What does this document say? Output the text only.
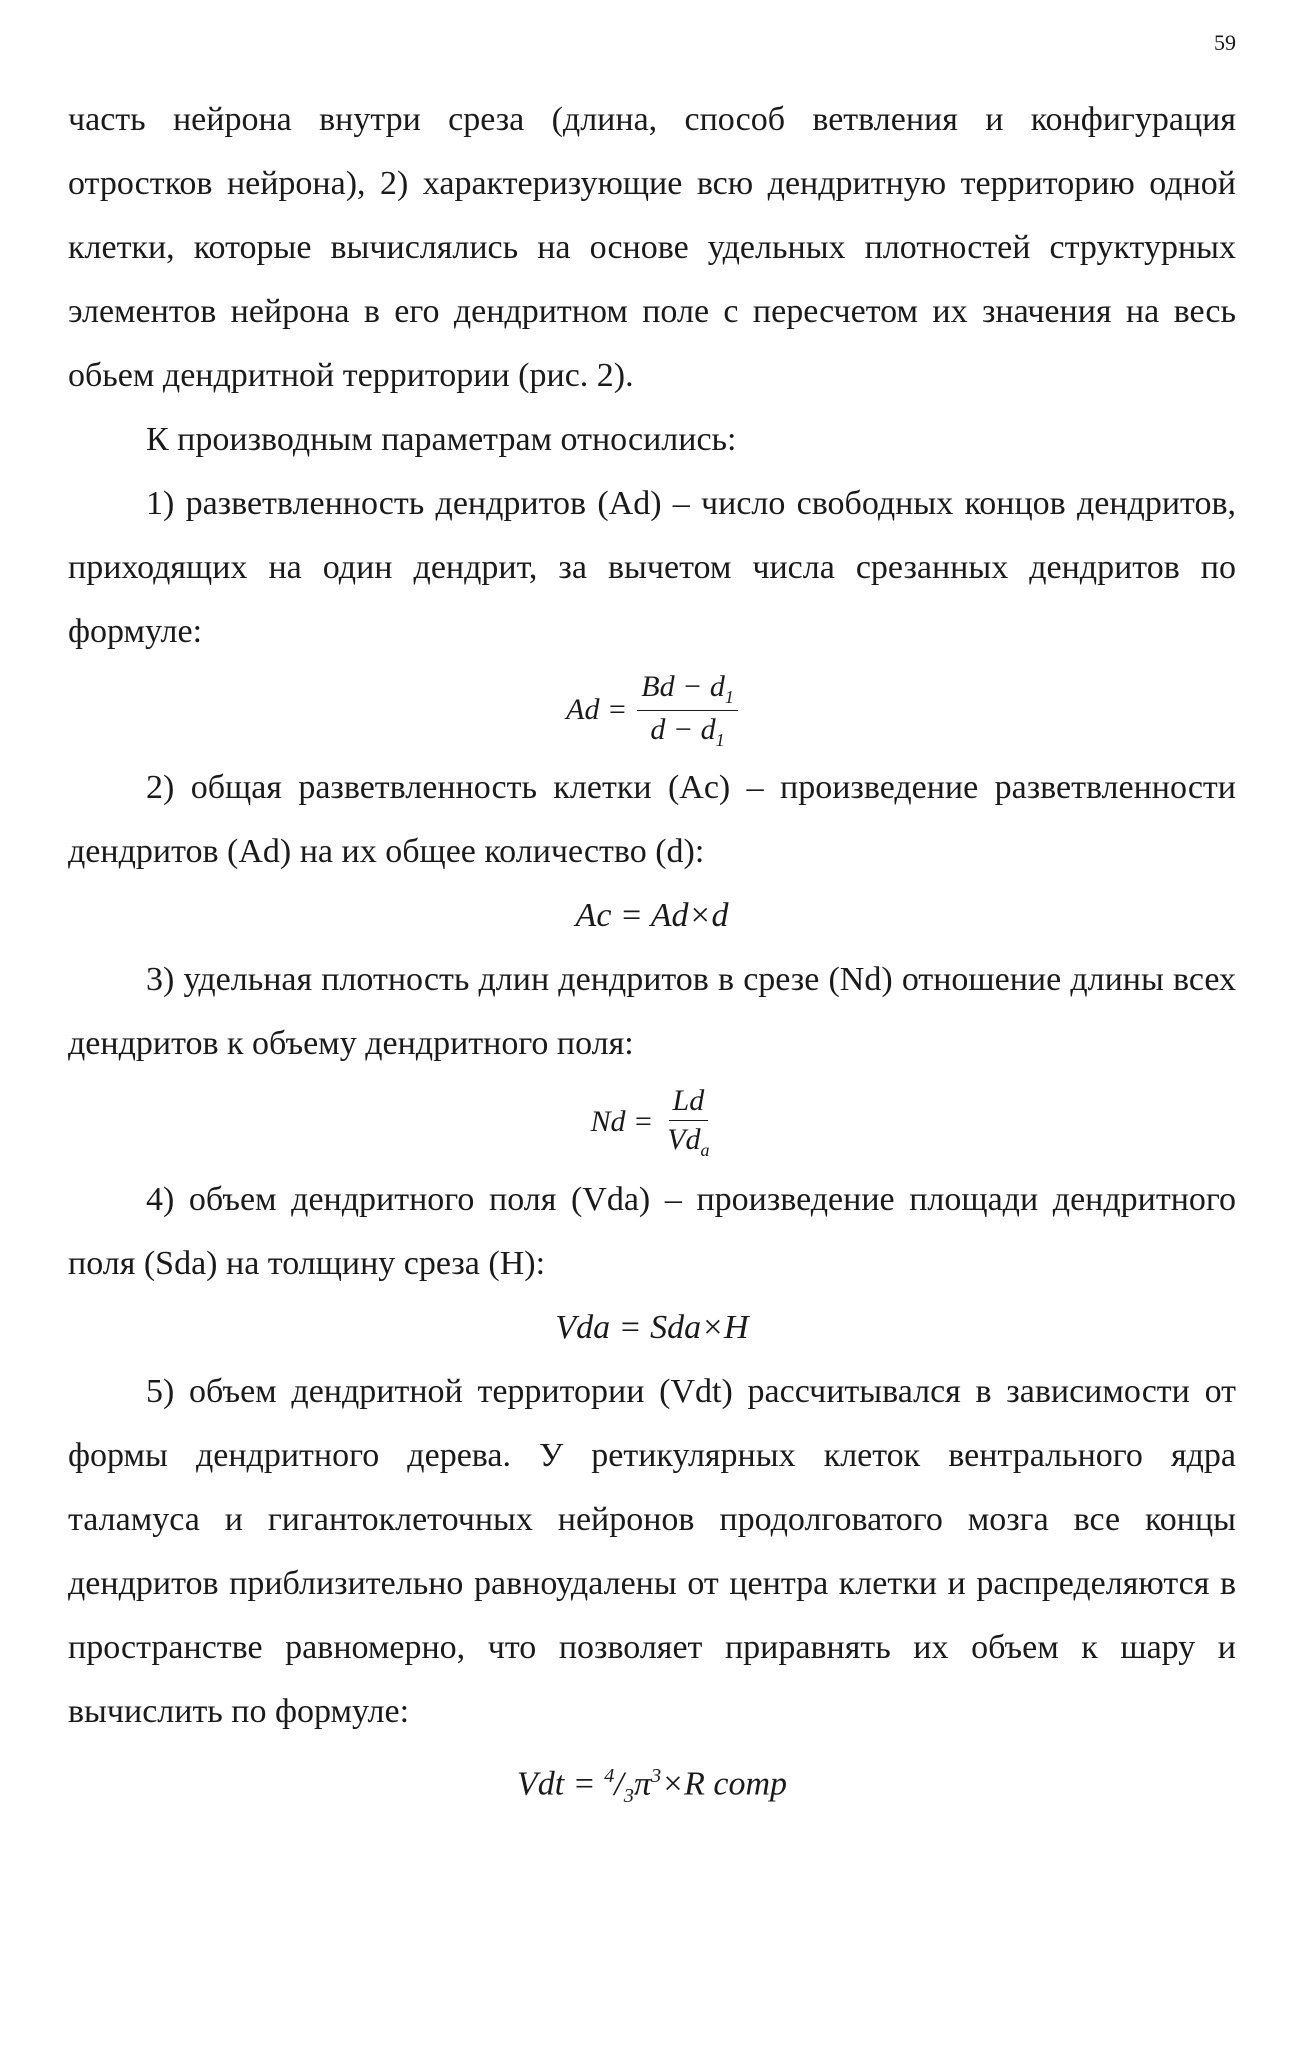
59

часть нейрона внутри среза (длина, способ ветвления и конфигурация отростков нейрона), 2) характеризующие всю дендритную территорию одной клетки, которые вычислялись на основе удельных плотностей структурных элементов нейрона в его дендритном поле с пересчетом их значения на весь обьем дендритной территории (рис. 2).

К производным параметрам относились:

1) разветвленность дендритов (Ad) – число свободных концов дендритов, приходящих на один дендрит, за вычетом числа срезанных дендритов по формуле:

$Ad = \frac{Bd - d_1}{d - d_1}$

2) общая разветвленность клетки (Ac) – произведение разветвленности дендритов (Ad) на их общее количество (d):

Ac = Ad×d

3) удельная плотность длин дендритов в срезе (Nd) отношение длины всех дендритов к объему дендритного поля:

$Nd = \frac{Ld}{Vd_a}$

4) объем дендритного поля (Vda) – произведение площади дендритного поля (Sda) на толщину среза (H):

Vda = Sda×H

5) объем дендритной территории (Vdt) рассчитывался в зависимости от формы дендритного дерева. У ретикулярных клеток вентрального ядра таламуса и гигантоклеточных нейронов продолговатого мозга все концы дендритов приблизительно равноудалены от центра клетки и распределяются в пространстве равномерно, что позволяет приравнять их объем к шару и вычислить по формуле:

Vdt = $^4/_3\pi^3\times R$ comp
